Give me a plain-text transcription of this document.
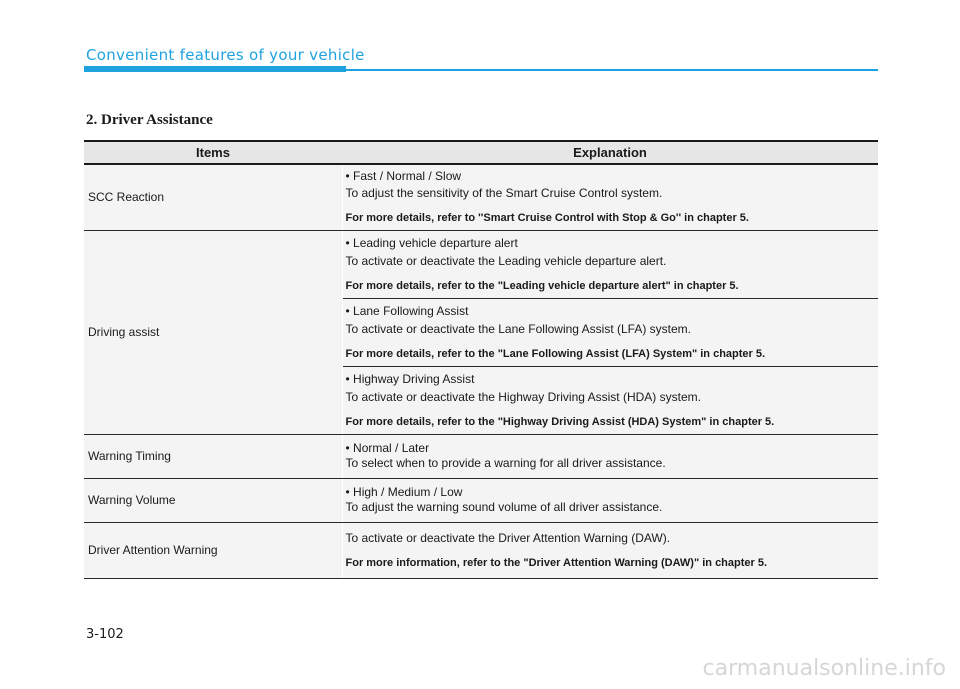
Convenient features of your vehicle
2. Driver Assistance
Items	Explanation
SCC Reaction	• Fast / Normal / Slow
To adjust the sensitivity of the Smart Cruise Control system.
For more details, refer to ''Smart Cruise Control with Stop & Go'' in chapter 5.

Driving assist	• Leading vehicle departure alert
To activate or deactivate the Leading vehicle departure alert.
For more details, refer to the "Leading vehicle departure alert" in chapter 5.

	• Lane Following Assist
To activate or deactivate the Lane Following Assist (LFA) system.
For more details, refer to the "Lane Following Assist (LFA) System" in chapter 5.

	• Highway Driving Assist
To activate or deactivate the Highway Driving Assist (HDA) system.
For more details, refer to the "Highway Driving Assist (HDA) System" in chapter 5.

Warning Timing	• Normal / Later
To select when to provide a warning for all driver assistance.

Warning Volume	• High / Medium / Low
To adjust the warning sound volume of all driver assistance.

Driver Attention Warning	To activate or deactivate the Driver Attention Warning (DAW).
For more information, refer to the "Driver Attention Warning (DAW)" in chapter 5.
3-102
carmanualsonline.info
